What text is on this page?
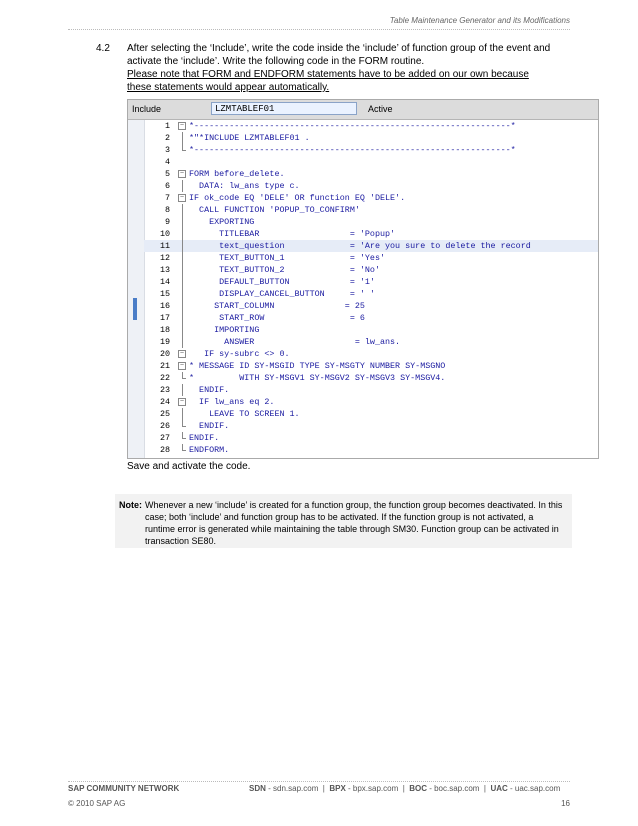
Table Maintenance Generator and its Modifications
4.2 After selecting the ‘Include’, write the code inside the ‘include’ of function group of the event and
activate the ‘include’. Write the following code in the FORM routine.
Please note that FORM and ENDFORM statements have to be added on our own because
these statements would appear automatically.
Include	LZMTABLEF01	Active
1 − *---------------------------------------------------------------*
2 *"*INCLUDE LZMTABLEF01 .
3 *---------------------------------------------------------------*
4
5 − FORM before_delete.
6  DATA: lw_ans type c.
7 − IF ok_code EQ 'DELE' OR function EQ 'DELE'.
8  CALL FUNCTION 'POPUP_TO_CONFIRM'
9    EXPORTING
10      TITLEBAR                  = 'Popup'
11      text_question             = 'Are you sure to delete the record
12      TEXT_BUTTON_1             = 'Yes'
13      TEXT_BUTTON_2             = 'No'
14      DEFAULT_BUTTON            = '1'
15      DISPLAY_CANCEL_BUTTON     = ' '
16     START_COLUMN              = 25
17      START_ROW                 = 6
18     IMPORTING
19       ANSWER                    = lw_ans.
20−    IF sy-subrc <> 0.
21 − * MESSAGE ID SY-MSGID TYPE SY-MSGTY NUMBER SY-MSGNO
22 *         WITH SY-MSGV1 SY-MSGV2 SY-MSGV3 SY-MSGV4.
23  ENDIF.
24−   IF lw_ans eq 2.
25    LEAVE TO SCREEN 1.
26  ENDIF.
27 ENDIF.
28 ENDFORM.
Save and activate the code.
Note: Whenever a new ‘include’ is created for a function group, the function group becomes deactivated. In this case; both ‘include’ and function group has to be activated. If the function group is not activated, a runtime error is generated while maintaining the table through SM30. Function group can be activated in transaction SE80.
SAP COMMUNITY NETWORK	SDN - sdn.sap.com  |  BPX - bpx.sap.com  |  BOC - boc.sap.com  |  UAC - uac.sap.com
© 2010 SAP AG	16
